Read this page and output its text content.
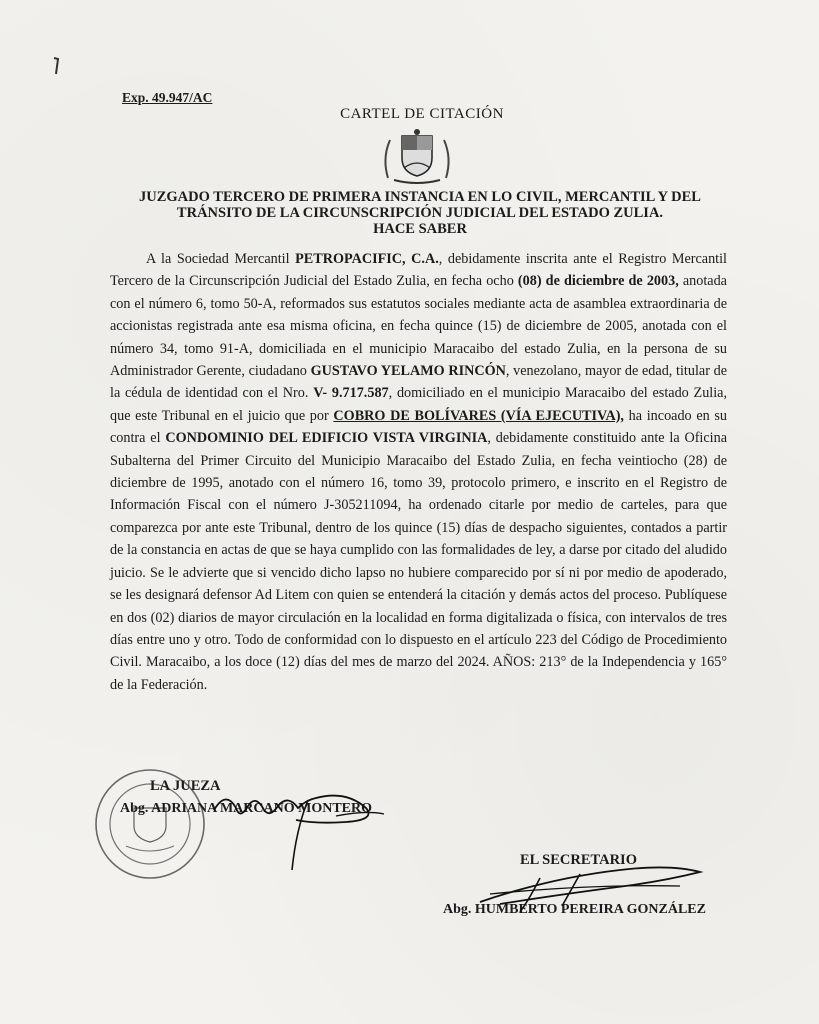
Exp. 49.947/AC
CARTEL DE CITACIÓN
JUZGADO TERCERO DE PRIMERA INSTANCIA EN LO CIVIL, MERCANTIL Y DEL
TRÁNSITO DE LA CIRCUNSCRIPCIÓN JUDICIAL DEL ESTADO ZULIA.
HACE SABER
A la Sociedad Mercantil PETROPACIFIC, C.A., debidamente inscrita ante el Registro Mercantil Tercero de la Circunscripción Judicial del Estado Zulia, en fecha ocho (08) de diciembre de 2003, anotada con el número 6, tomo 50-A, reformados sus estatutos sociales mediante acta de asamblea extraordinaria de accionistas registrada ante esa misma oficina, en fecha quince (15) de diciembre de 2005, anotada con el número 34, tomo 91-A, domiciliada en el municipio Maracaibo del estado Zulia, en la persona de su Administrador Gerente, ciudadano GUSTAVO YELAMO RINCÓN, venezolano, mayor de edad, titular de la cédula de identidad con el Nro. V- 9.717.587, domiciliado en el municipio Maracaibo del estado Zulia, que este Tribunal en el juicio que por COBRO DE BOLÍVARES (VÍA EJECUTIVA), ha incoado en su contra el CONDOMINIO DEL EDIFICIO VISTA VIRGINIA, debidamente constituido ante la Oficina Subalterna del Primer Circuito del Municipio Maracaibo del Estado Zulia, en fecha veintiocho (28) de diciembre de 1995, anotado con el número 16, tomo 39, protocolo primero, e inscrito en el Registro de Información Fiscal con el número J-305211094, ha ordenado citarle por medio de carteles, para que comparezca por ante este Tribunal, dentro de los quince (15) días de despacho siguientes, contados a partir de la constancia en actas de que se haya cumplido con las formalidades de ley, a darse por citado del aludido juicio. Se le advierte que si vencido dicho lapso no hubiere comparecido por sí ni por medio de apoderado, se les designará defensor Ad Litem con quien se entenderá la citación y demás actos del proceso. Publíquese en dos (02) diarios de mayor circulación en la localidad en forma digitalizada o física, con intervalos de tres días entre uno y otro. Todo de conformidad con lo dispuesto en el artículo 223 del Código de Procedimiento Civil. Maracaibo, a los doce (12) días del mes de marzo del 2024. AÑOS: 213° de la Independencia y 165° de la Federación.
LA JUEZA
Abg. ADRIANA MARCANO MONTERO
EL SECRETARIO
Abg. HUMBERTO PEREIRA GONZÁLEZ
